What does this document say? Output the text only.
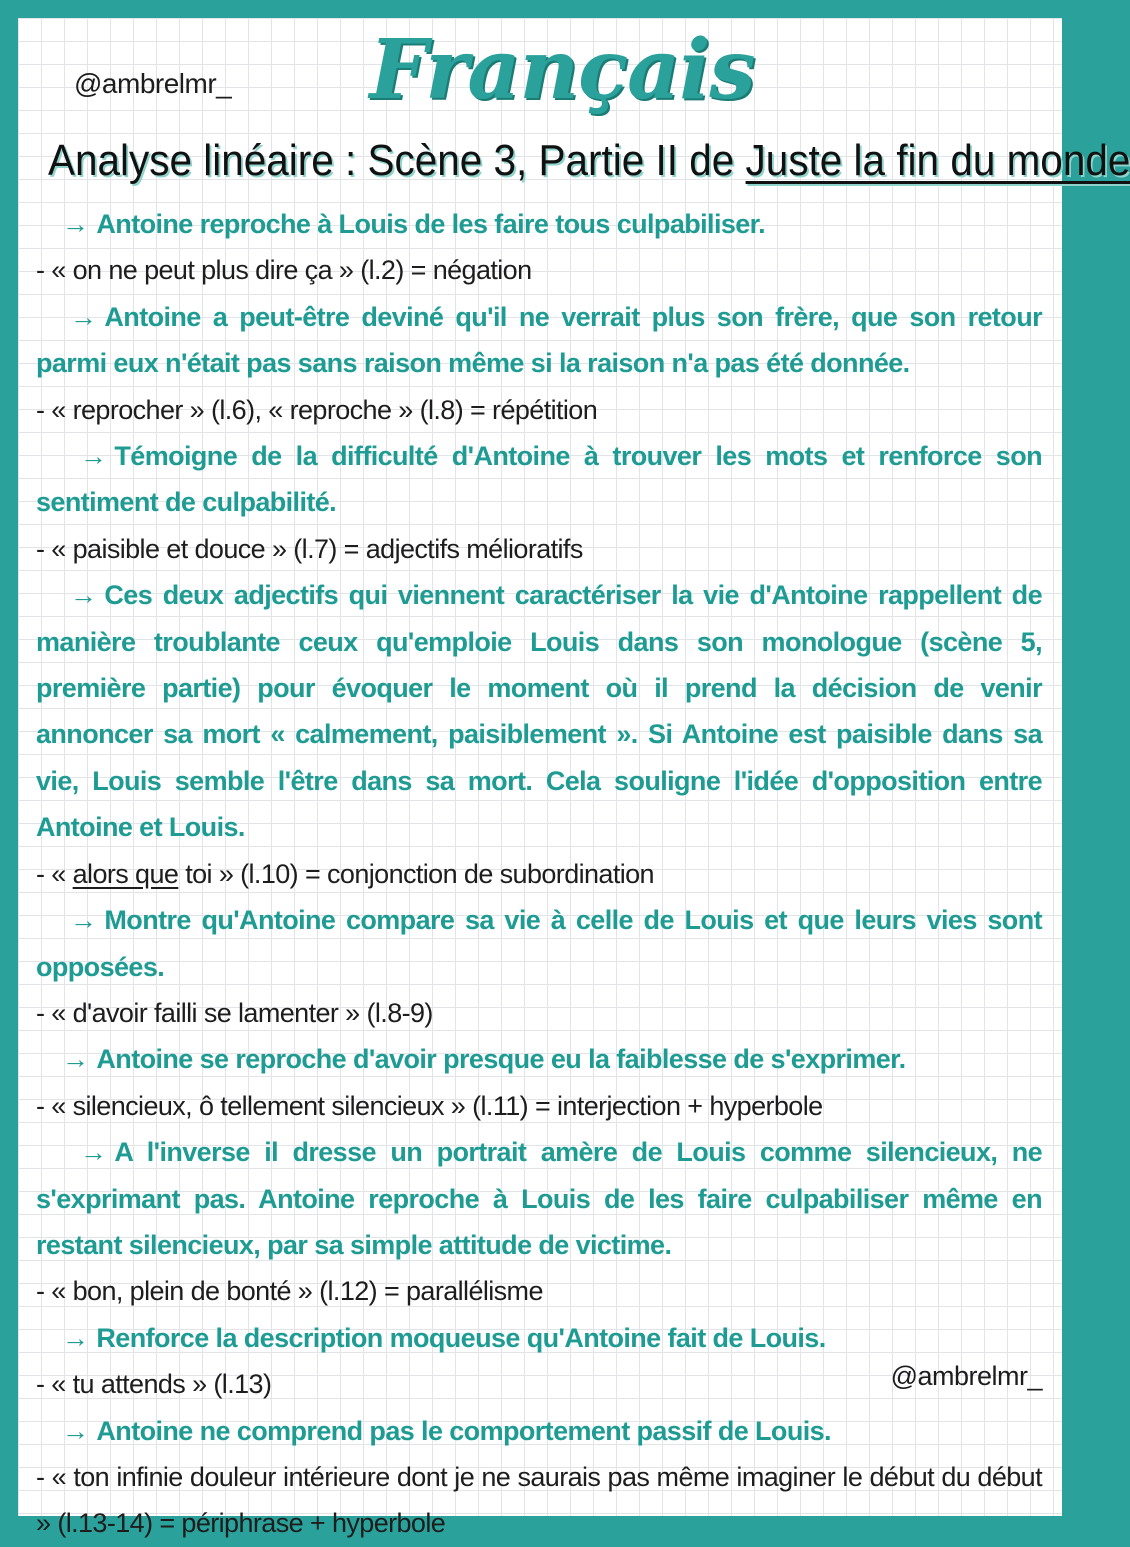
@ambrelmr_	Français
Analyse linéaire : Scène 3, Partie II de Juste la fin du monde
→ Antoine reproche à Louis de les faire tous culpabiliser.
- « on ne peut plus dire ça » (l.2) = négation
→ Antoine a peut-être deviné qu'il ne verrait plus son frère, que son retour parmi eux n'était pas sans raison même si la raison n'a pas été donnée.
- « reprocher » (l.6), « reproche » (l.8) = répétition
→ Témoigne de la difficulté d'Antoine à trouver les mots et renforce son sentiment de culpabilité.
- « paisible et douce » (l.7) = adjectifs mélioratifs
→ Ces deux adjectifs qui viennent caractériser la vie d'Antoine rappellent de manière troublante ceux qu'emploie Louis dans son monologue (scène 5, première partie) pour évoquer le moment où il prend la décision de venir annoncer sa mort « calmement, paisiblement ». Si Antoine est paisible dans sa vie, Louis semble l'être dans sa mort. Cela souligne l'idée d'opposition entre Antoine et Louis.
- « alors que toi » (l.10) = conjonction de subordination
→ Montre qu'Antoine compare sa vie à celle de Louis et que leurs vies sont opposées.
- « d'avoir failli se lamenter » (l.8-9)
→ Antoine se reproche d'avoir presque eu la faiblesse de s'exprimer.
- « silencieux, ô tellement silencieux » (l.11) = interjection + hyperbole
→ A l'inverse il dresse un portrait amère de Louis comme silencieux, ne s'exprimant pas. Antoine reproche à Louis de les faire culpabiliser même en restant silencieux, par sa simple attitude de victime.
- « bon, plein de bonté » (l.12) = parallélisme
→ Renforce la description moqueuse qu'Antoine fait de Louis.
- « tu attends » (l.13)
→ Antoine ne comprend pas le comportement passif de Louis.
- « ton infinie douleur intérieure dont je ne saurais pas même imaginer le début du début » (l.13-14) = périphrase + hyperbole
@ambrelmr_
